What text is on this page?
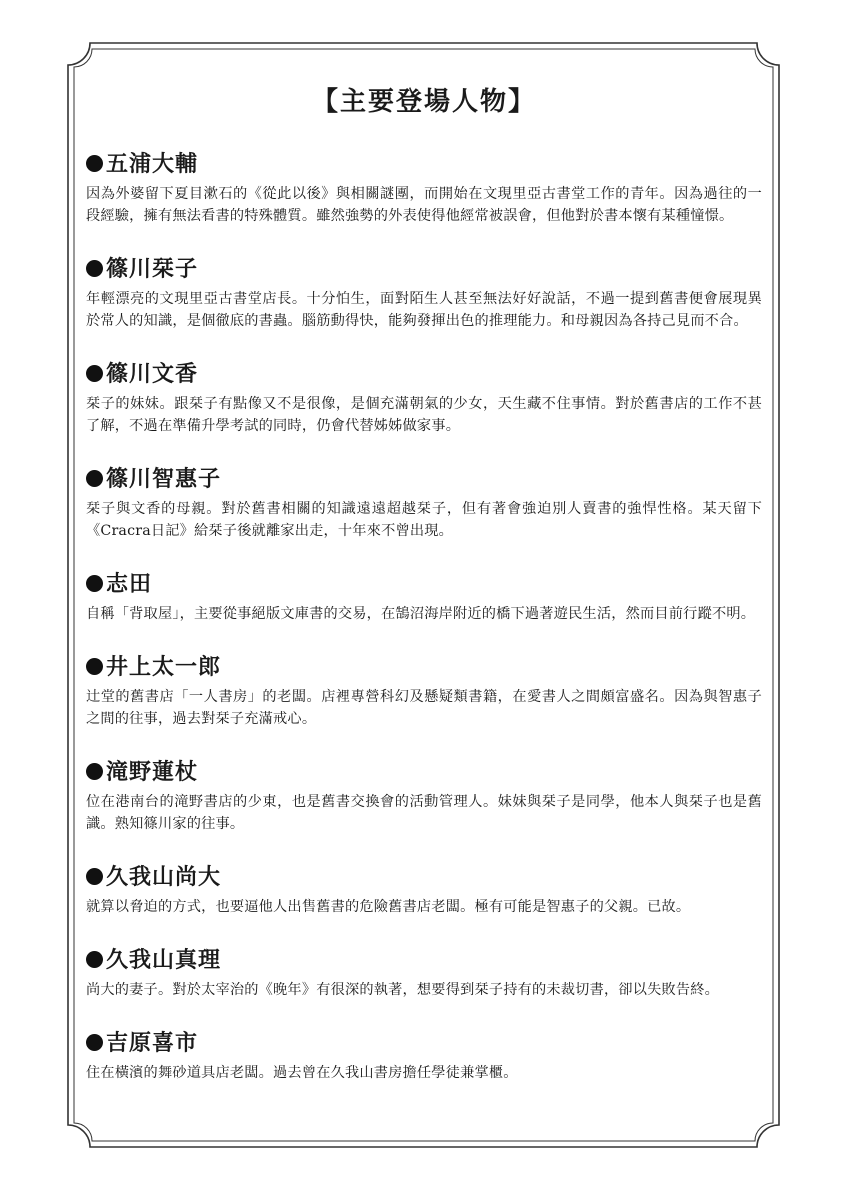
【主要登場人物】
五浦大輔

因為外婆留下夏目漱石的《從此以後》與相關謎團，而開始在文現里亞古書堂工作的青年。因為過往的一段經驗，擁有無法看書的特殊體質。雖然強勢的外表使得他經常被誤會，但他對於書本懷有某種憧憬。

篠川栞子

年輕漂亮的文現里亞古書堂店長。十分怕生，面對陌生人甚至無法好好說話，不過一提到舊書便會展現異於常人的知識，是個徹底的書蟲。腦筋動得快，能夠發揮出色的推理能力。和母親因為各持己見而不合。

篠川文香

栞子的妹妹。跟栞子有點像又不是很像，是個充滿朝氣的少女，天生藏不住事情。對於舊書店的工作不甚了解，不過在準備升學考試的同時，仍會代替姊姊做家事。

篠川智惠子

栞子與文香的母親。對於舊書相關的知識遠遠超越栞子，但有著會強迫別人賣書的強悍性格。某天留下《Cracra日記》給栞子後就離家出走，十年來不曾出現。

志田

自稱「背取屋」，主要從事絕版文庫書的交易，在鵠沼海岸附近的橋下過著遊民生活，然而目前行蹤不明。

井上太一郎

辻堂的舊書店「一人書房」的老闆。店裡專營科幻及懸疑類書籍，在愛書人之間頗富盛名。因為與智惠子之間的往事，過去對栞子充滿戒心。

滝野蓮杖

位在港南台的滝野書店的少東，也是舊書交換會的活動管理人。妹妹與栞子是同學，他本人與栞子也是舊識。熟知篠川家的往事。

久我山尚大

就算以脅迫的方式，也要逼他人出售舊書的危險舊書店老闆。極有可能是智惠子的父親。已故。

久我山真理

尚大的妻子。對於太宰治的《晚年》有很深的執著，想要得到栞子持有的未裁切書，卻以失敗告終。

吉原喜市

住在橫濱的舞砂道具店老闆。過去曾在久我山書房擔任學徒兼掌櫃。
